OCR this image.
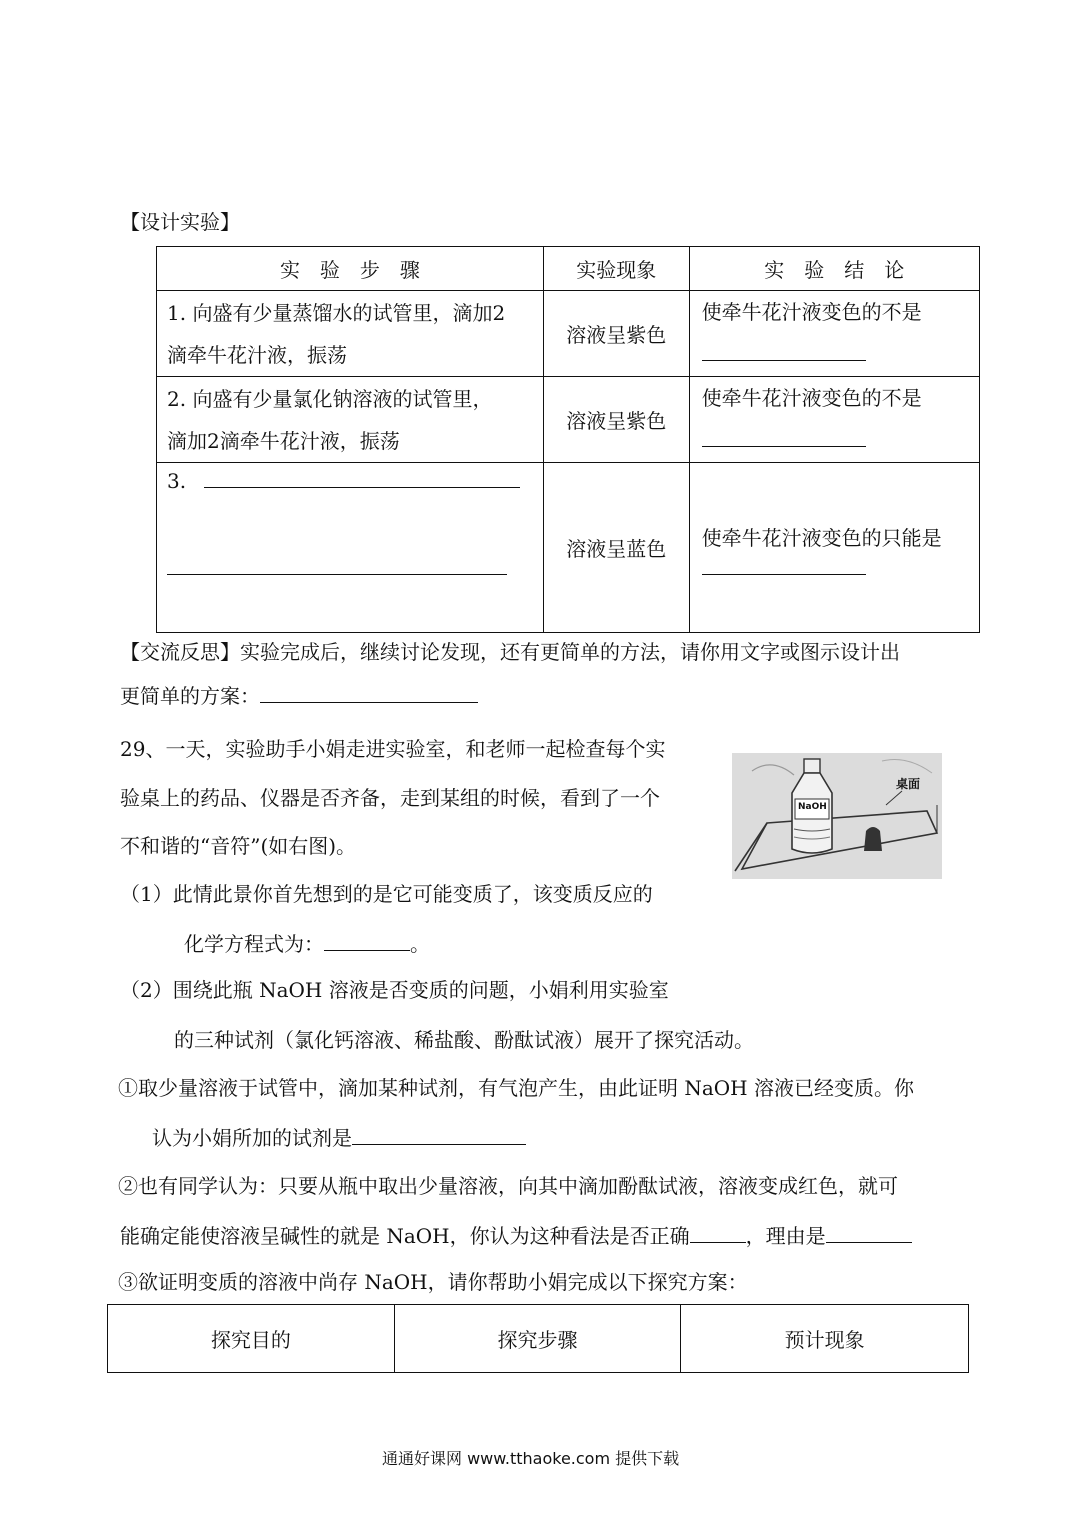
【设计实验】
实　验　步　骤	实验现象	实　验　结　论

1. 向盛有少量蒸馏水的试管里，滴加2
滴牵牛花汁液，振荡	溶液呈紫色	使牵牛花汁液变色的不是

2. 向盛有少量氯化钠溶液的试管里，
滴加2滴牵牛花汁液，振荡	溶液呈紫色	使牵牛花汁液变色的不是

3.	溶液呈蓝色	使牵牛花汁液变色的只能是
【交流反思】实验完成后，继续讨论发现，还有更简单的方法，请你用文字或图示设计出
更简单的方案：
29、一天，实验助手小娟走进实验室，和老师一起检查每个实
验桌上的药品、仪器是否齐备，走到某组的时候，看到了一个
不和谐的“音符”(如右图)。
NaOH
桌面
（1）此情此景你首先想到的是它可能变质了，该变质反应的
化学方程式为：	。
（2）围绕此瓶 NaOH 溶液是否变质的问题，小娟利用实验室
的三种试剂（氯化钙溶液、稀盐酸、酚酞试液）展开了探究活动。
①取少量溶液于试管中，滴加某种试剂，有气泡产生，由此证明 NaOH 溶液已经变质。你
认为小娟所加的试剂是
②也有同学认为：只要从瓶中取出少量溶液，向其中滴加酚酞试液，溶液变成红色，就可
能确定能使溶液呈碱性的就是 NaOH，你认为这种看法是否正确	，理由是
③欲证明变质的溶液中尚存 NaOH，请你帮助小娟完成以下探究方案：
探究目的	探究步骤	预计现象
通通好课网 www.tthaoke.com 提供下载
